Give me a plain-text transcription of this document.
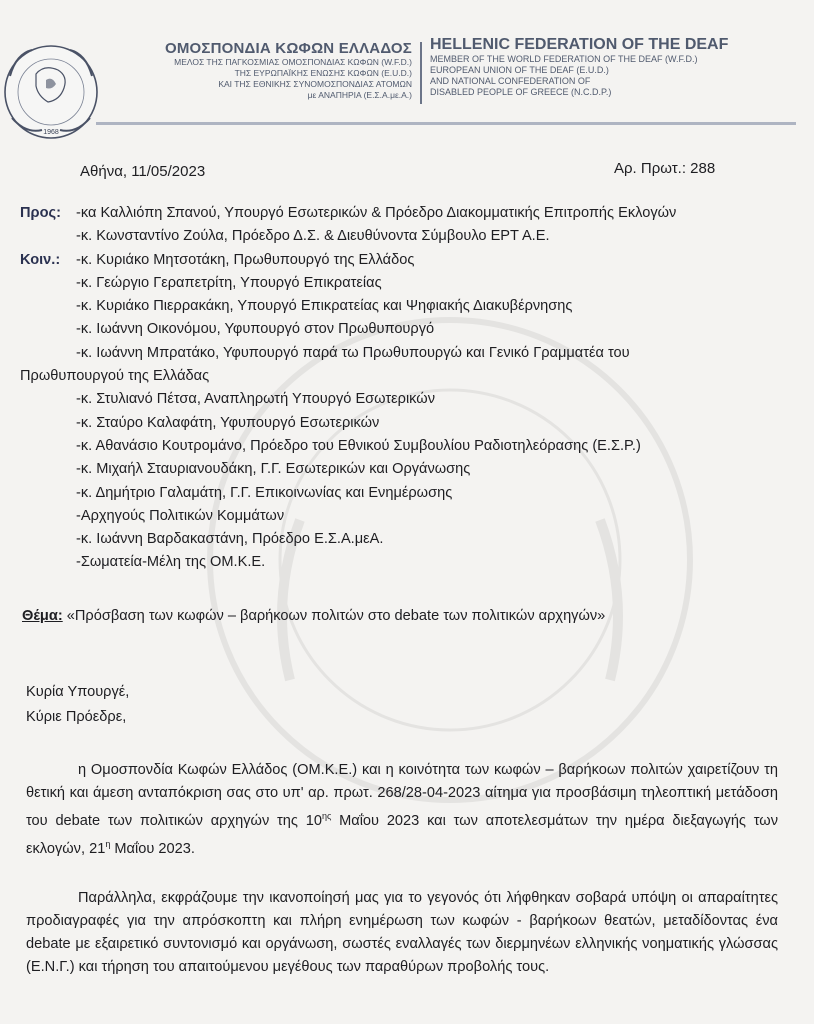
1968
ΟΜΟΣΠΟΝΔΙΑ ΚΩΦΩΝ ΕΛΛΑΔΟΣ
ΜΕΛΟΣ ΤΗΣ ΠΑΓΚΟΣΜΙΑΣ ΟΜΟΣΠΟΝΔΙΑΣ ΚΩΦΩΝ (W.F.D.)
ΤΗΣ ΕΥΡΩΠΑΪΚΗΣ ΕΝΩΣΗΣ ΚΩΦΩΝ (E.U.D.)
ΚΑΙ ΤΗΣ ΕΘΝΙΚΗΣ ΣΥΝΟΜΟΣΠΟΝΔΙΑΣ ΑΤΟΜΩΝ
με ΑΝΑΠΗΡΙΑ (Ε.Σ.Α.με.Α.)
HELLENIC FEDERATION OF THE DEAF
MEMBER OF THE WORLD FEDERATION OF THE DEAF (W.F.D.)
EUROPEAN UNION OF THE DEAF (E.U.D.)
AND NATIONAL CONFEDERATION OF
DISABLED PEOPLE OF GREECE (N.C.D.P.)
Αθήνα, 11/05/2023	Αρ. Πρωτ.: 288
Προς: -κα Καλλιόπη Σπανού, Υπουργό Εσωτερικών & Πρόεδρο Διακομματικής Επιτροπής Εκλογών
-κ. Κωνσταντίνο Ζούλα, Πρόεδρο Δ.Σ. & Διευθύνοντα Σύμβουλο ΕΡΤ Α.Ε.
Κοιν.: -κ. Κυριάκο Μητσοτάκη, Πρωθυπουργό της Ελλάδος
-κ. Γεώργιο Γεραπετρίτη, Υπουργό Επικρατείας
-κ. Κυριάκο Πιερρακάκη, Υπουργό Επικρατείας και Ψηφιακής Διακυβέρνησης
-κ. Ιωάννη Οικονόμου, Υφυπουργό στον Πρωθυπουργό
-κ. Ιωάννη Μπρατάκο, Υφυπουργό παρά τω Πρωθυπουργώ και Γενικό Γραμματέα του
Πρωθυπουργού της Ελλάδας
-κ. Στυλιανό Πέτσα, Αναπληρωτή Υπουργό Εσωτερικών
-κ. Σταύρο Καλαφάτη, Υφυπουργό Εσωτερικών
-κ. Αθανάσιο Κουτρομάνο, Πρόεδρο του Εθνικού Συμβουλίου Ραδιοτηλεόρασης (Ε.Σ.Ρ.)
-κ. Μιχαήλ Σταυριανουδάκη, Γ.Γ. Εσωτερικών και Οργάνωσης
-κ. Δημήτριο Γαλαμάτη, Γ.Γ. Επικοινωνίας και Ενημέρωσης
-Αρχηγούς Πολιτικών Κομμάτων
-κ. Ιωάννη Βαρδακαστάνη, Πρόεδρο Ε.Σ.Α.μεΑ.
-Σωματεία-Μέλη της ΟΜ.Κ.Ε.
Θέμα: «Πρόσβαση των κωφών – βαρήκοων πολιτών στο debate των πολιτικών αρχηγών»
Κυρία Υπουργέ,
Κύριε Πρόεδρε,
η Ομοσπονδία Κωφών Ελλάδος (ΟΜ.Κ.Ε.) και η κοινότητα των κωφών – βαρήκοων πολιτών χαιρετίζουν τη θετική και άμεση ανταπόκριση σας στο υπ' αρ. πρωτ. 268/28-04-2023 αίτημα για προσβάσιμη τηλεοπτική μετάδοση του debate των πολιτικών αρχηγών της $10^{\eta\varsigma}$ Μαΐου 2023 και των αποτελεσμάτων την ημέρα διεξαγωγής των εκλογών, $21^\eta$ Μαΐου 2023.
Παράλληλα, εκφράζουμε την ικανοποίησή μας για το γεγονός ότι λήφθηκαν σοβαρά υπόψη οι απαραίτητες προδιαγραφές για την απρόσκοπτη και πλήρη ενημέρωση των κωφών - βαρήκοων θεατών, μεταδίδοντας ένα debate με εξαιρετικό συντονισμό και οργάνωση, σωστές εναλλαγές των διερμηνέων ελληνικής νοηματικής γλώσσας (Ε.Ν.Γ.) και τήρηση του απαιτούμενου μεγέθους των παραθύρων προβολής τους.
